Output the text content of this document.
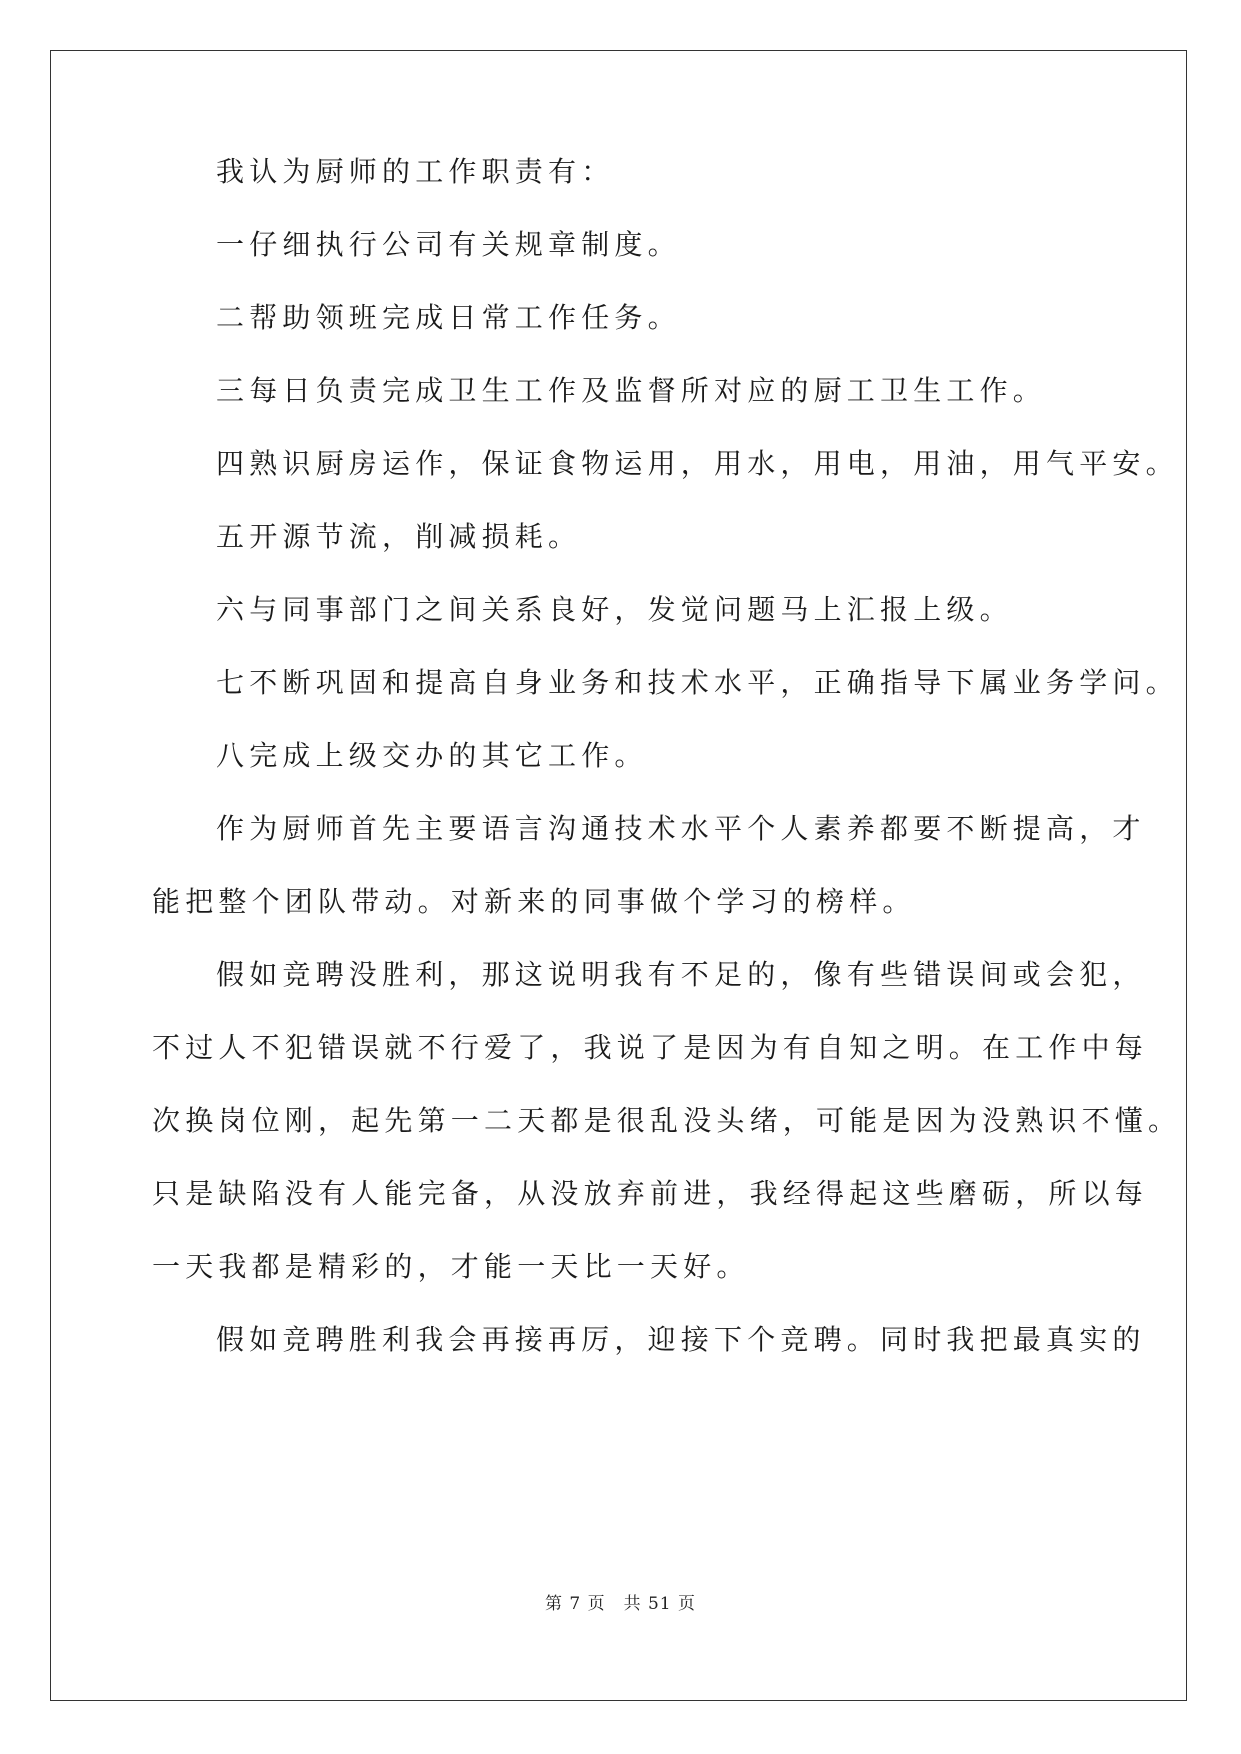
我认为厨师的工作职责有：
一仔细执行公司有关规章制度。
二帮助领班完成日常工作任务。
三每日负责完成卫生工作及监督所对应的厨工卫生工作。
四熟识厨房运作，保证食物运用，用水，用电，用油，用气平安。
五开源节流，削减损耗。
六与同事部门之间关系良好，发觉问题马上汇报上级。
七不断巩固和提高自身业务和技术水平，正确指导下属业务学问。
八完成上级交办的其它工作。
作为厨师首先主要语言沟通技术水平个人素养都要不断提高，才
能把整个团队带动。对新来的同事做个学习的榜样。
假如竞聘没胜利，那这说明我有不足的，像有些错误间或会犯，
不过人不犯错误就不行爱了，我说了是因为有自知之明。在工作中每
次换岗位刚，起先第一二天都是很乱没头绪，可能是因为没熟识不懂。
只是缺陷没有人能完备，从没放弃前进，我经得起这些磨砺，所以每
一天我都是精彩的，才能一天比一天好。
假如竞聘胜利我会再接再厉，迎接下个竞聘。同时我把最真实的
第 7 页　共 51 页
